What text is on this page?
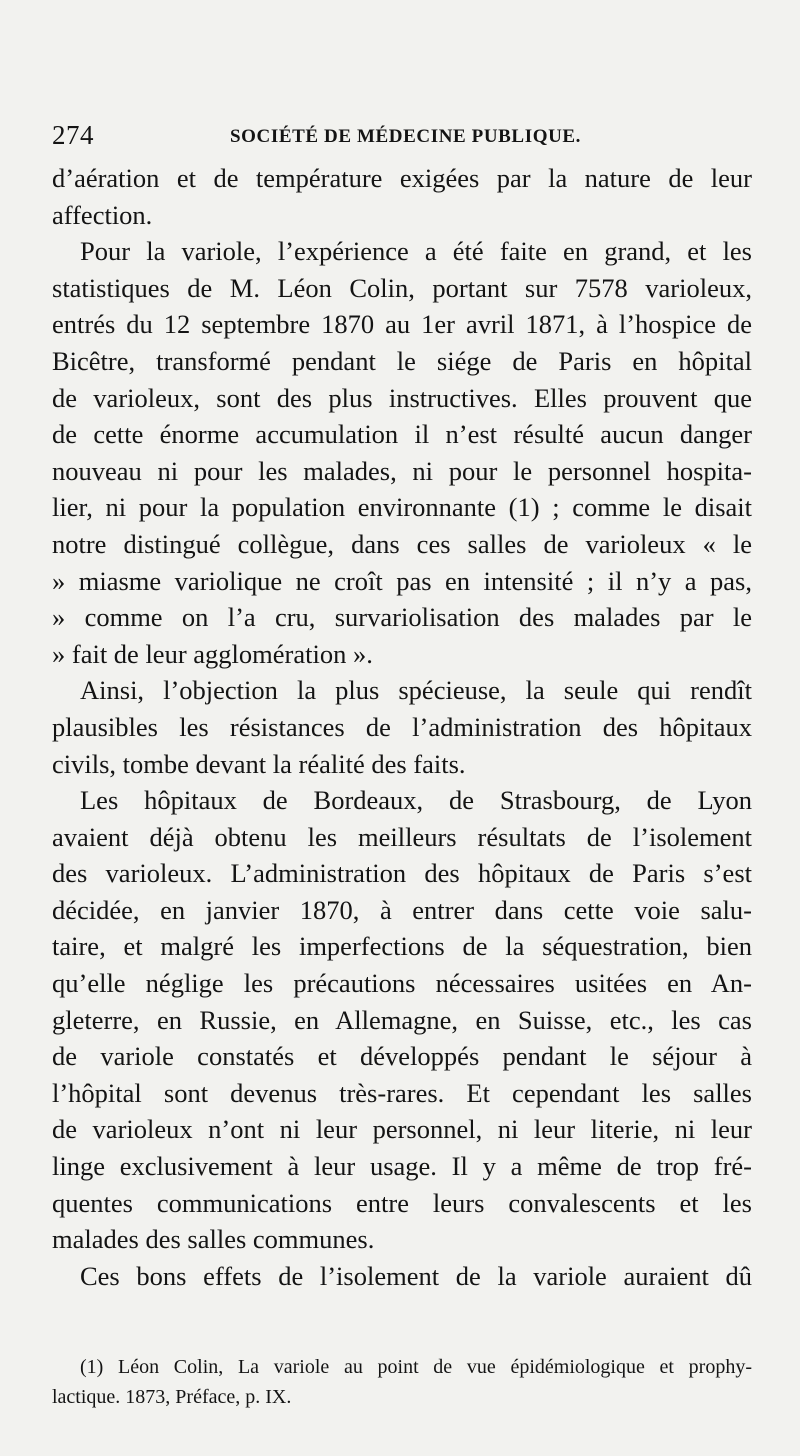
274	SOCIÉTÉ DE MÉDECINE PUBLIQUE.
d’aération et de température exigées par la nature de leur
affection.
Pour la variole, l’expérience a été faite en grand, et les
statistiques de M. Léon Colin, portant sur 7578 varioleux,
entrés du 12 septembre 1870 au 1er avril 1871, à l’hospice de
Bicêtre, transformé pendant le siége de Paris en hôpital
de varioleux, sont des plus instructives. Elles prouvent que
de cette énorme accumulation il n’est résulté aucun danger
nouveau ni pour les malades, ni pour le personnel hospita-
lier, ni pour la population environnante (1) ; comme le disait
notre distingué collègue, dans ces salles de varioleux « le
» miasme variolique ne croît pas en intensité ; il n’y a pas,
» comme on l’a cru, survariolisation des malades par le
» fait de leur agglomération ».
Ainsi, l’objection la plus spécieuse, la seule qui rendît
plausibles les résistances de l’administration des hôpitaux
civils, tombe devant la réalité des faits.
Les hôpitaux de Bordeaux, de Strasbourg, de Lyon
avaient déjà obtenu les meilleurs résultats de l’isolement
des varioleux. L’administration des hôpitaux de Paris s’est
décidée, en janvier 1870, à entrer dans cette voie salu-
taire, et malgré les imperfections de la séquestration, bien
qu’elle néglige les précautions nécessaires usitées en An-
gleterre, en Russie, en Allemagne, en Suisse, etc., les cas
de variole constatés et développés pendant le séjour à
l’hôpital sont devenus très-rares. Et cependant les salles
de varioleux n’ont ni leur personnel, ni leur literie, ni leur
linge exclusivement à leur usage. Il y a même de trop fré-
quentes communications entre leurs convalescents et les
malades des salles communes.
Ces bons effets de l’isolement de la variole auraient dû
(1) Léon Colin, La variole au point de vue épidémiologique et prophy-
lactique. 1873, Préface, p. IX.
